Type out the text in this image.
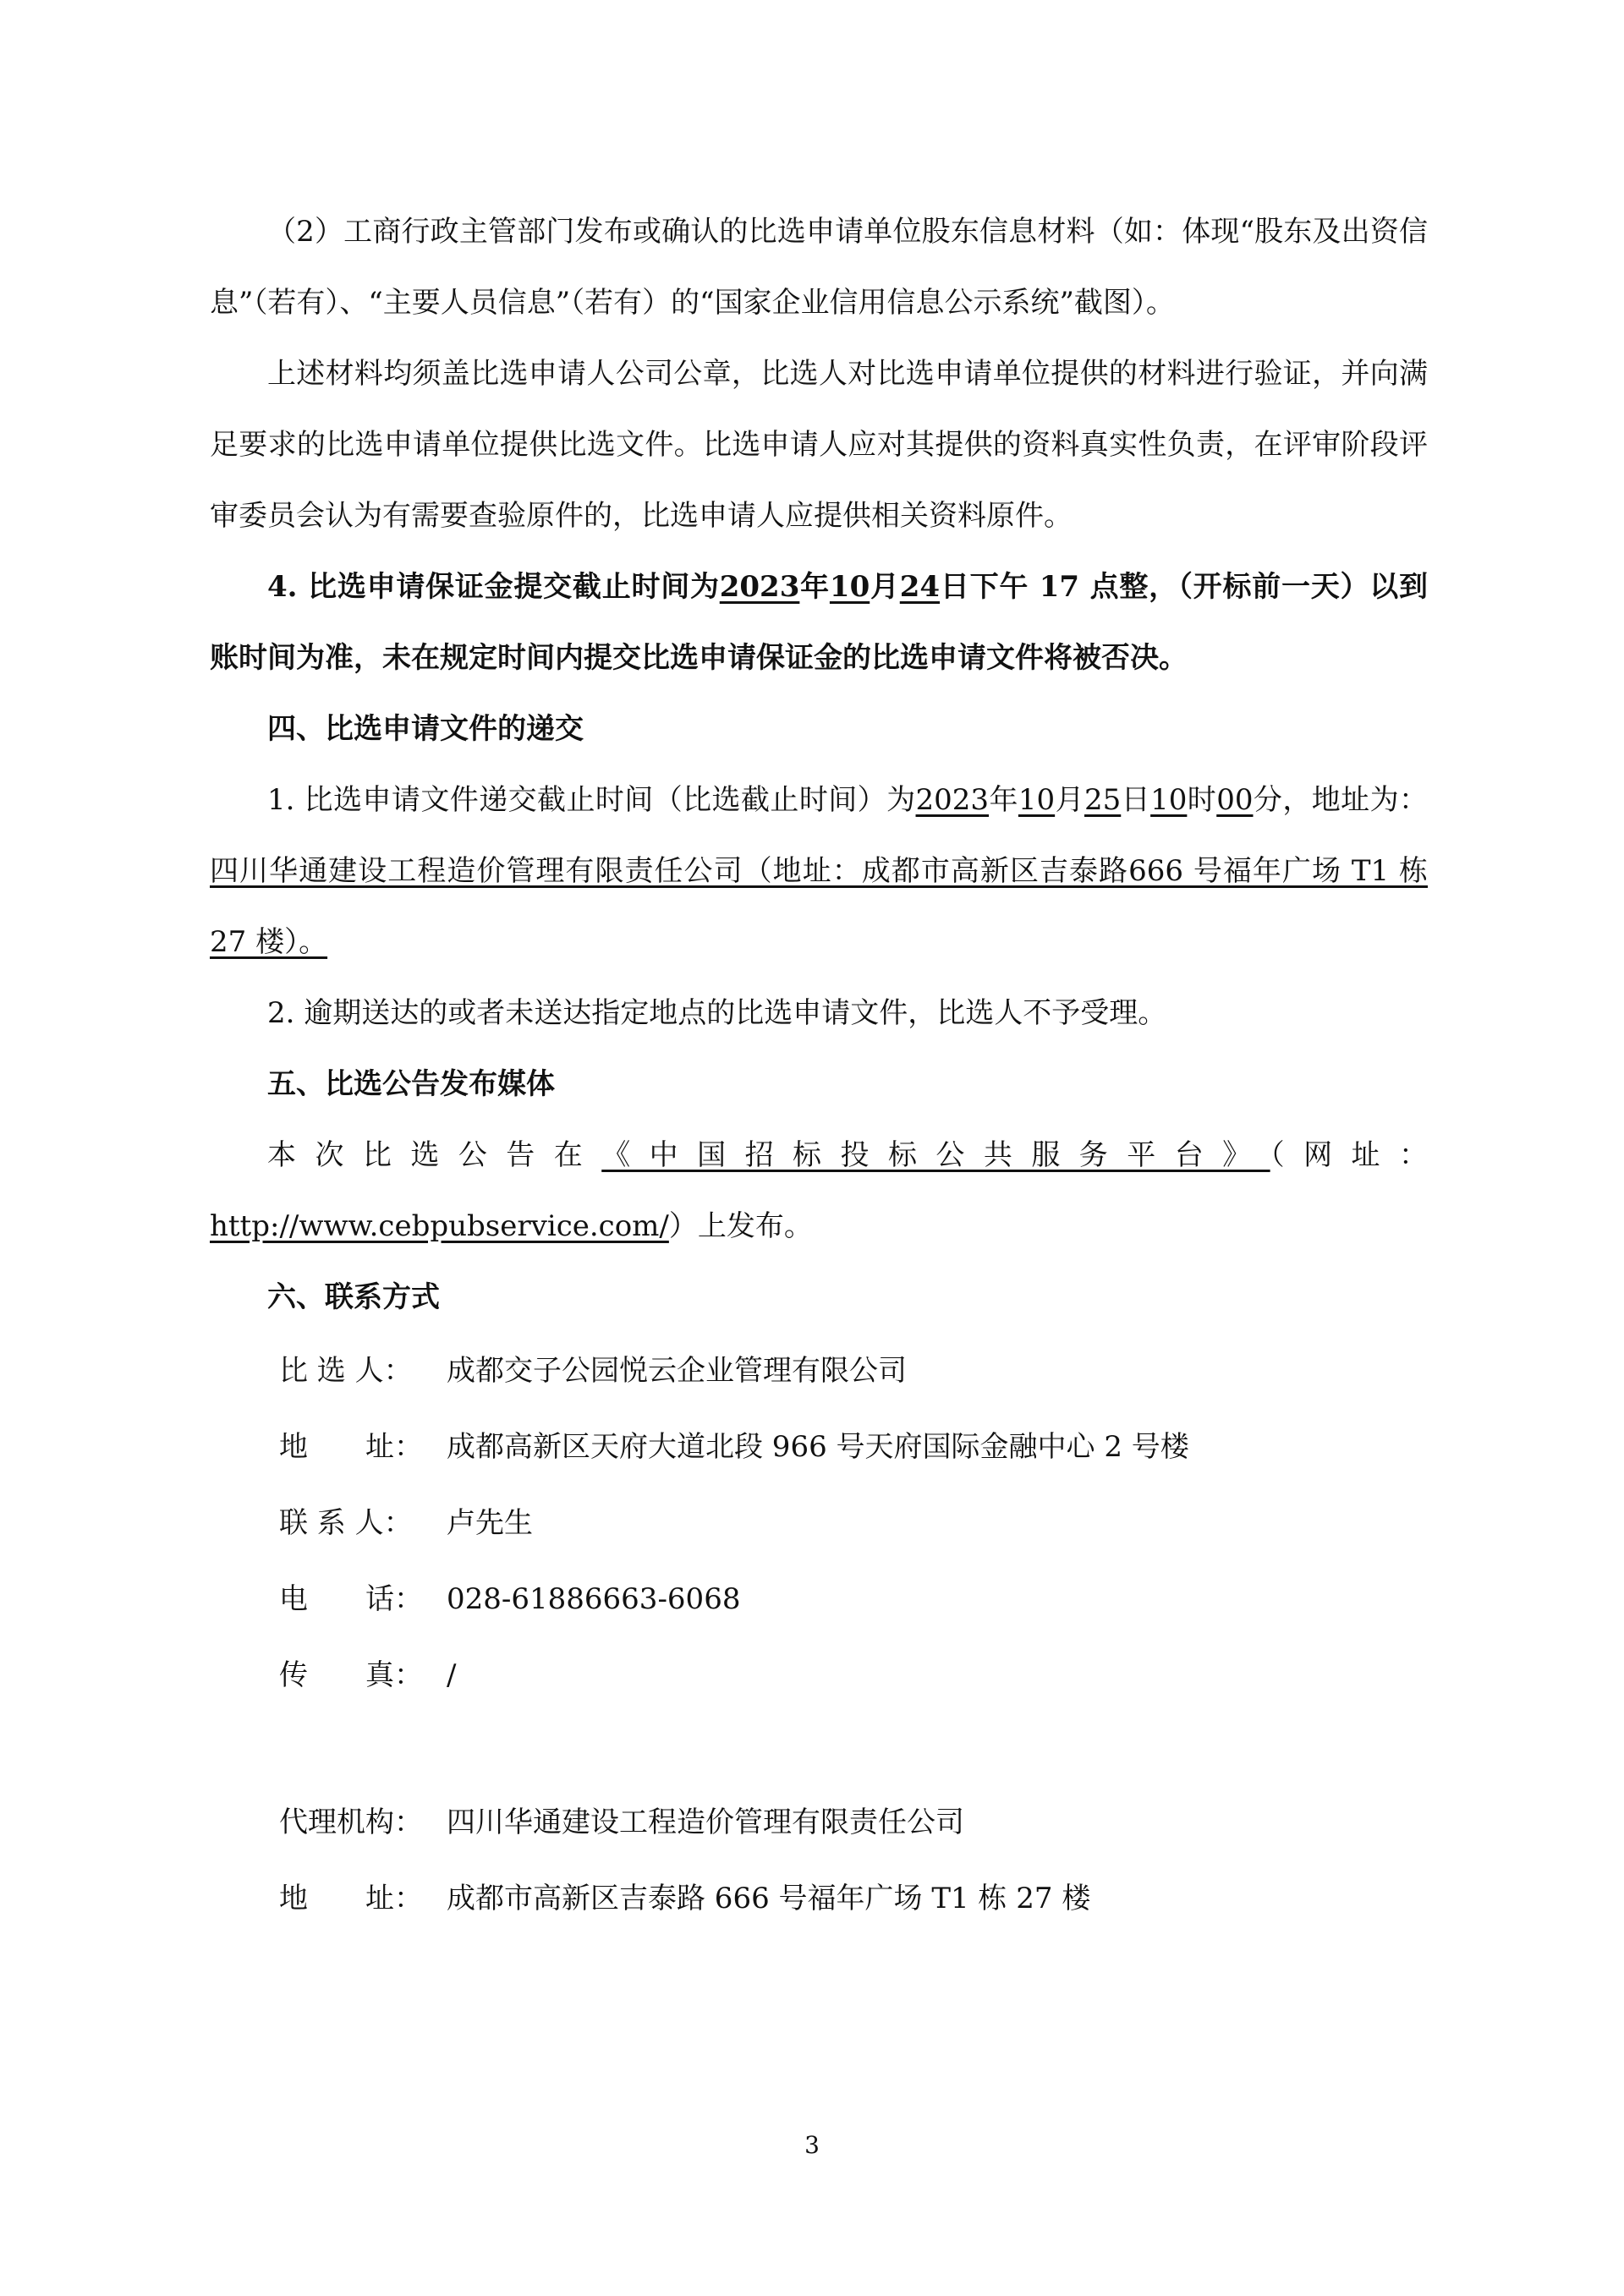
（2）工商行政主管部门发布或确认的比选申请单位股东信息材料（如：体现“股东及出资信息”（若有）、“主要人员信息”（若有）的“国家企业信用信息公示系统”截图）。

上述材料均须盖比选申请人公司公章，比选人对比选申请单位提供的材料进行验证，并向满足要求的比选申请单位提供比选文件。比选申请人应对其提供的资料真实性负责，在评审阶段评审委员会认为有需要查验原件的，比选申请人应提供相关资料原件。

4. 比选申请保证金提交截止时间为2023年10月24日下午 17 点整，（开标前一天）以到账时间为准，未在规定时间内提交比选申请保证金的比选申请文件将被否决。

四、比选申请文件的递交

1. 比选申请文件递交截止时间（比选截止时间）为2023年10月25日10时00分，地址为：四川华通建设工程造价管理有限责任公司（地址：成都市高新区吉泰路666 号福年广场 T1 栋 27 楼）。

2. 逾期送达的或者未送达指定地点的比选申请文件，比选人不予受理。

五、比选公告发布媒体

本次比选公告在《中国招标投标公共服务平台》（网址：http://www.cebpubservice.com/）上发布。

六、联系方式

比 选 人： 成都交子公园悦云企业管理有限公司

地　　址： 成都高新区天府大道北段 966 号天府国际金融中心 2 号楼

联 系 人： 卢先生

电　　话： 028-61886663-6068

传　　真： /

代理机构： 四川华通建设工程造价管理有限责任公司

地　　址： 成都市高新区吉泰路 666 号福年广场 T1 栋 27 楼

3
